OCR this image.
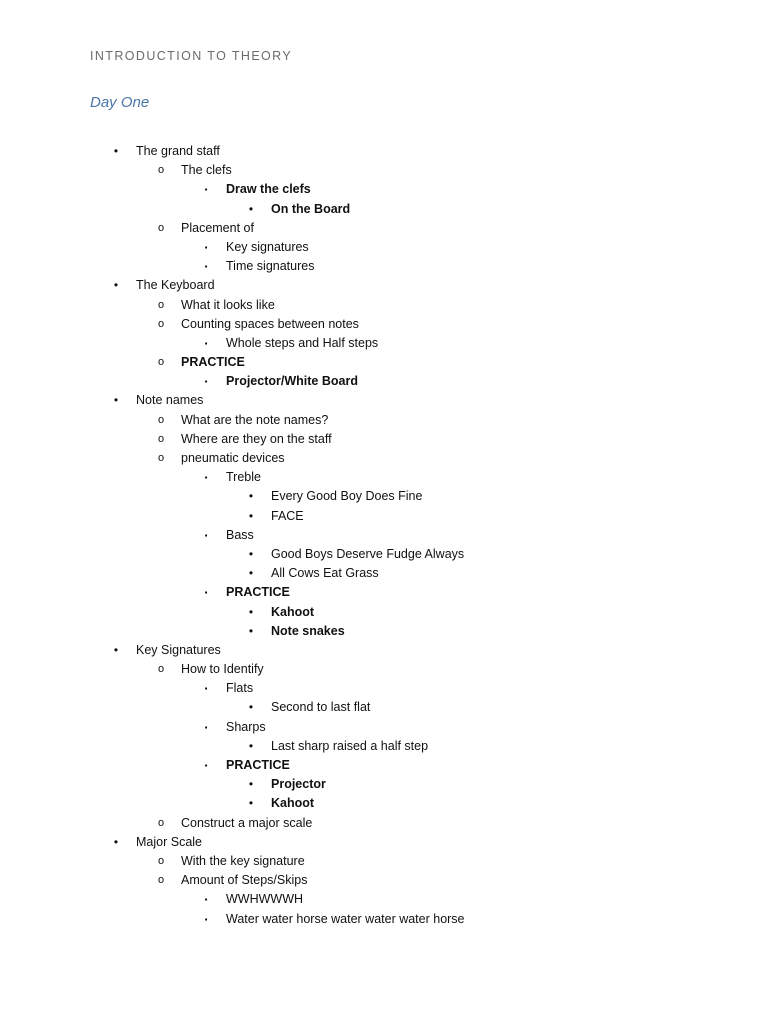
INTRODUCTION TO THEORY
Day One
•	The grand staff
o The clefs
▪	Draw the clefs
•	On the Board
o Placement of
▪	Key signatures
▪	Time signatures
•	The Keyboard
o What it looks like
o Counting spaces between notes
▪	Whole steps and Half steps
o PRACTICE
▪	Projector/White Board
•	Note names
o What are the note names?
o Where are they on the staff
o pneumatic devices
▪	Treble
•	Every Good Boy Does Fine
•	FACE
▪	Bass
•	Good Boys Deserve Fudge Always
•	All Cows Eat Grass
▪	PRACTICE
•	Kahoot
•	Note snakes
•	Key Signatures
o How to Identify
▪	Flats
•	Second to last flat
▪	Sharps
•	Last sharp raised a half step
▪	PRACTICE
•	Projector
•	Kahoot
o Construct a major scale
•	Major Scale
o With the key signature
o Amount of Steps/Skips
▪	WWHWWWH
▪	Water water horse water water water horse
